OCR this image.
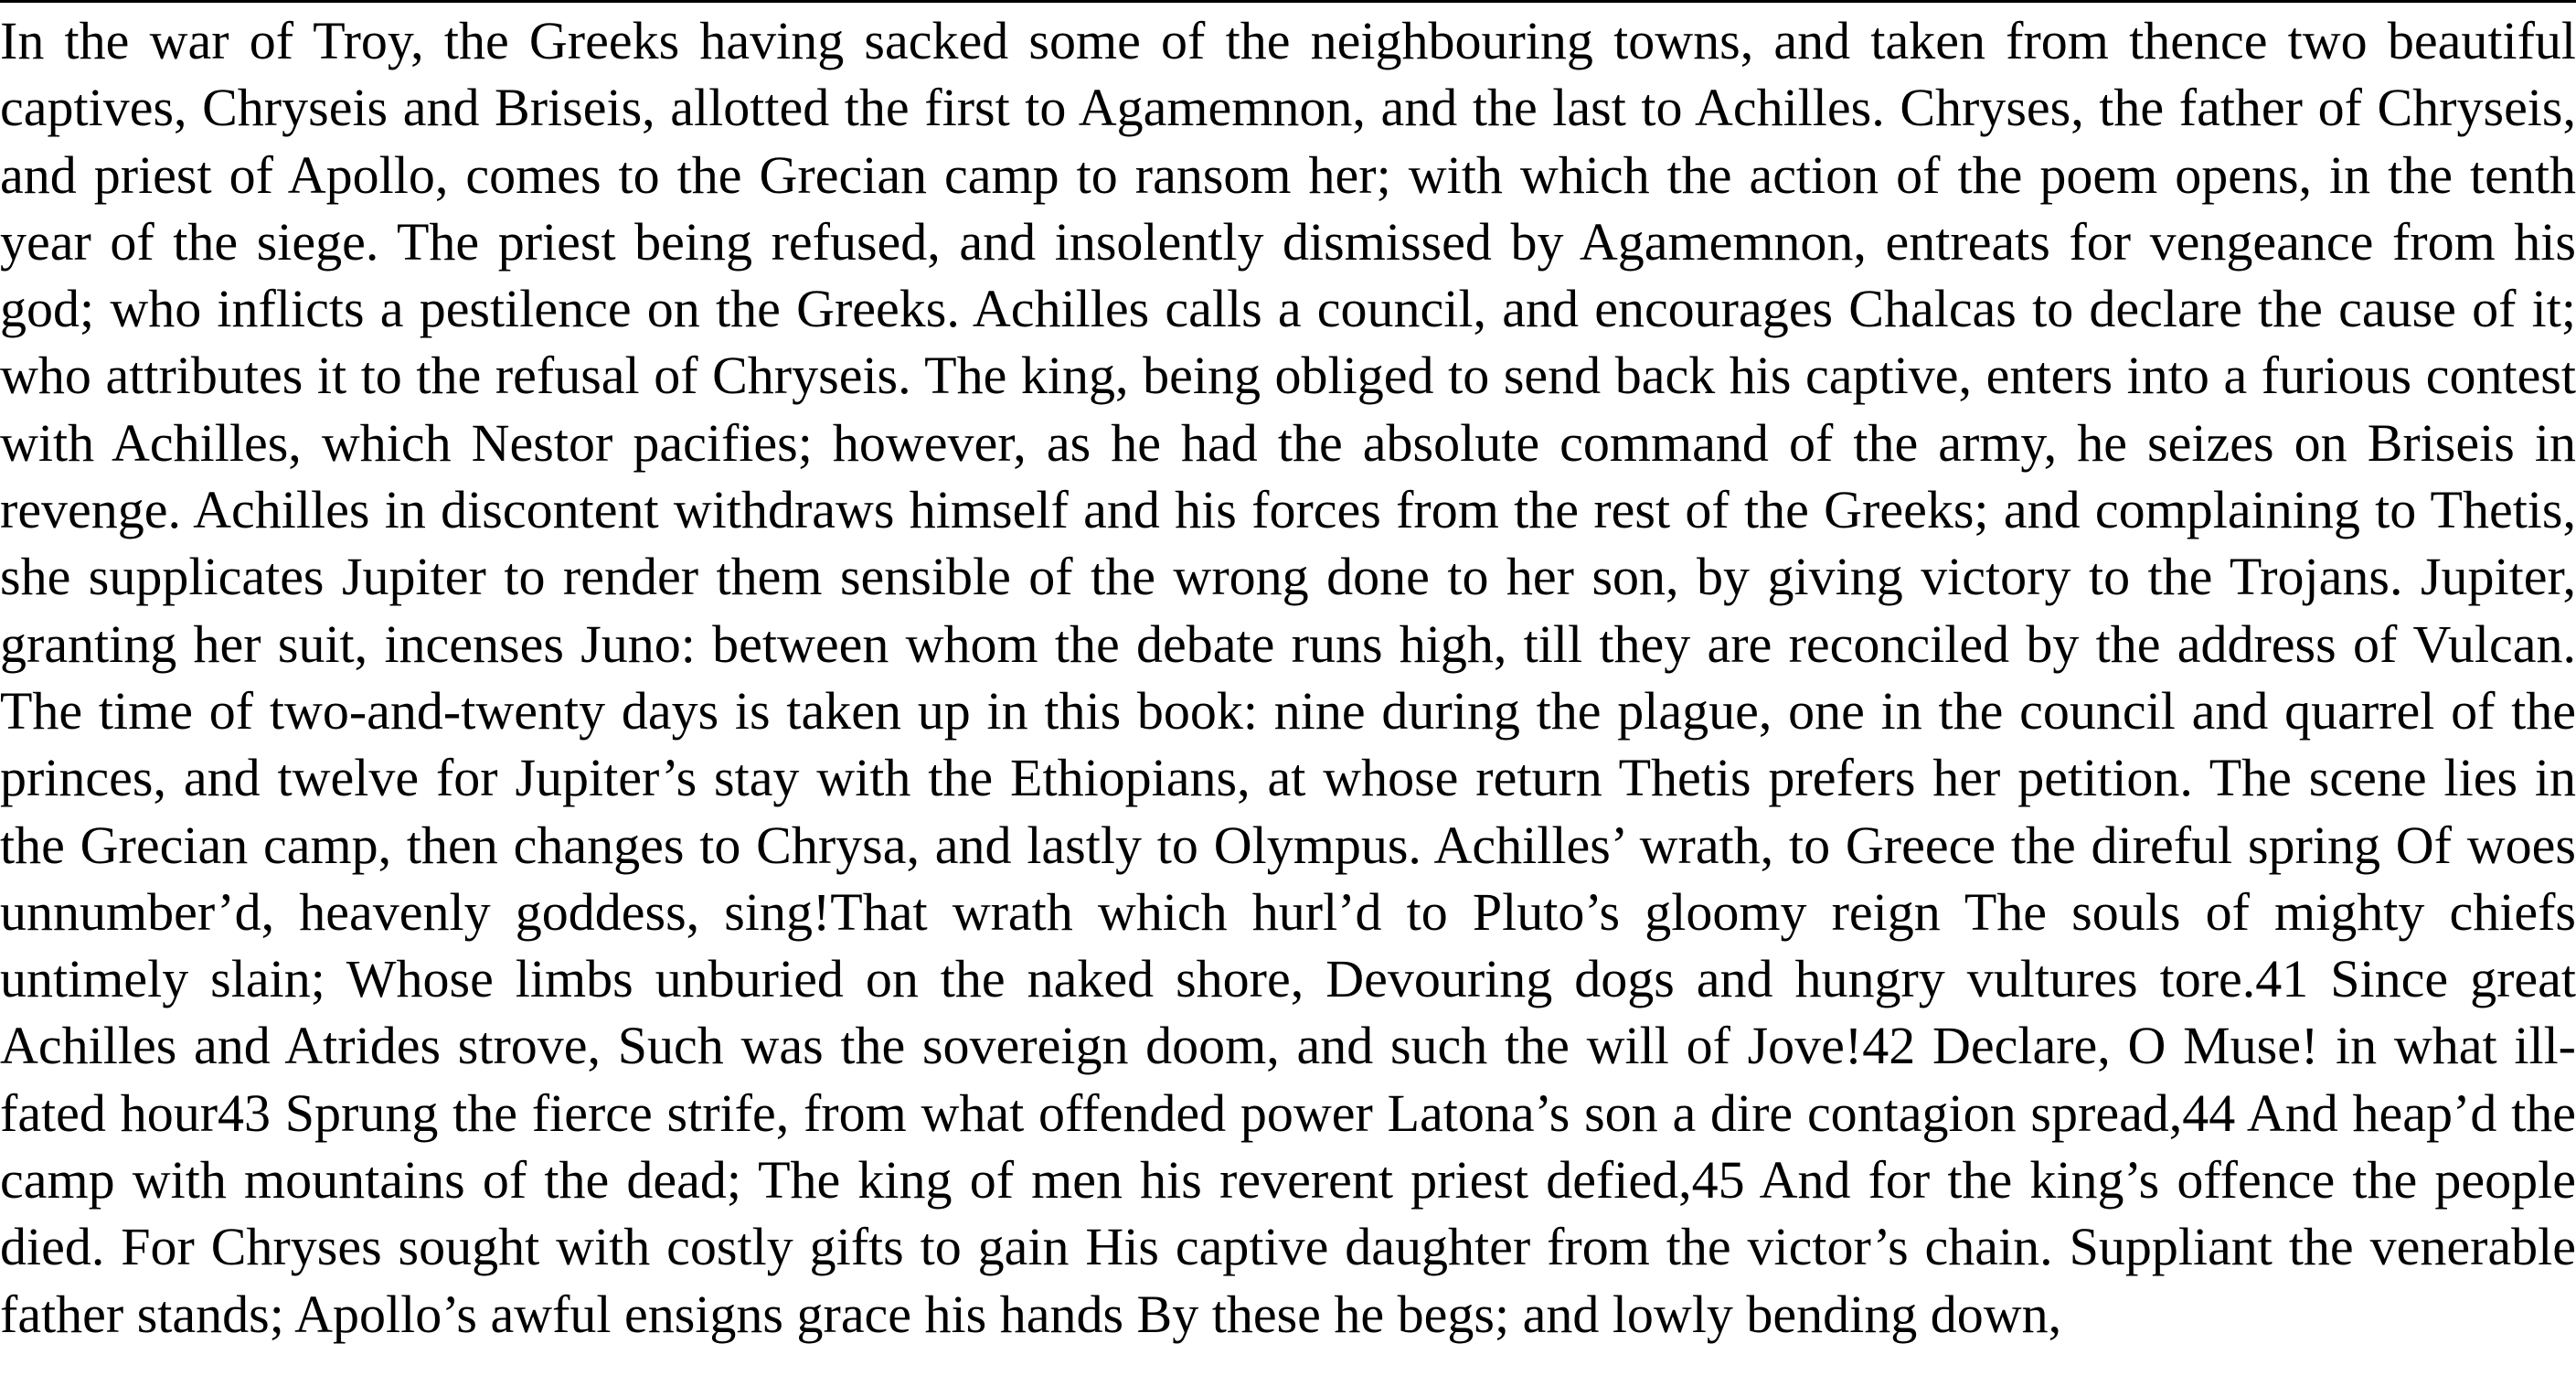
In the war of Troy, the Greeks having sacked some of the neighbouring towns, and taken from thence two beautiful captives, Chryseis and Briseis, allotted the first to Agamemnon, and the last to Achilles. Chryses, the father of Chryseis, and priest of Apollo, comes to the Grecian camp to ransom her; with which the action of the poem opens, in the tenth year of the siege. The priest being refused, and insolently dismissed by Agamemnon, entreats for vengeance from his god; who inflicts a pestilence on the Greeks. Achilles calls a council, and encourages Chalcas to declare the cause of it; who attributes it to the refusal of Chryseis. The king, being obliged to send back his captive, enters into a furious contest with Achilles, which Nestor pacifies; however, as he had the absolute command of the army, he seizes on Briseis in revenge. Achilles in discontent withdraws himself and his forces from the rest of the Greeks; and complaining to Thetis, she supplicates Jupiter to render them sensible of the wrong done to her son, by giving victory to the Trojans. Jupiter, granting her suit, incenses Juno: between whom the debate runs high, till they are reconciled by the address of Vulcan. The time of two-and-twenty days is taken up in this book: nine during the plague, one in the council and quarrel of the princes, and twelve for Jupiter’s stay with the Ethiopians, at whose return Thetis prefers her petition. The scene lies in the Grecian camp, then changes to Chrysa, and lastly to Olympus. Achilles’ wrath, to Greece the direful spring Of woes unnumber’d, heavenly goddess, sing!That wrath which hurl’d to Pluto’s gloomy reign The souls of mighty chiefs untimely slain; Whose limbs unburied on the naked shore, Devouring dogs and hungry vultures tore.41 Since great Achilles and Atrides strove, Such was the sovereign doom, and such the will of Jove!42 Declare, O Muse! in what ill-fated hour43 Sprung the fierce strife, from what offended power Latona’s son a dire contagion spread,44 And heap’d the camp with mountains of the dead; The king of men his reverent priest defied,45 And for the king’s offence the people died. For Chryses sought with costly gifts to gain His captive daughter from the victor’s chain. Suppliant the venerable father stands; Apollo’s awful ensigns grace his hands By these he begs; and lowly bending down,
